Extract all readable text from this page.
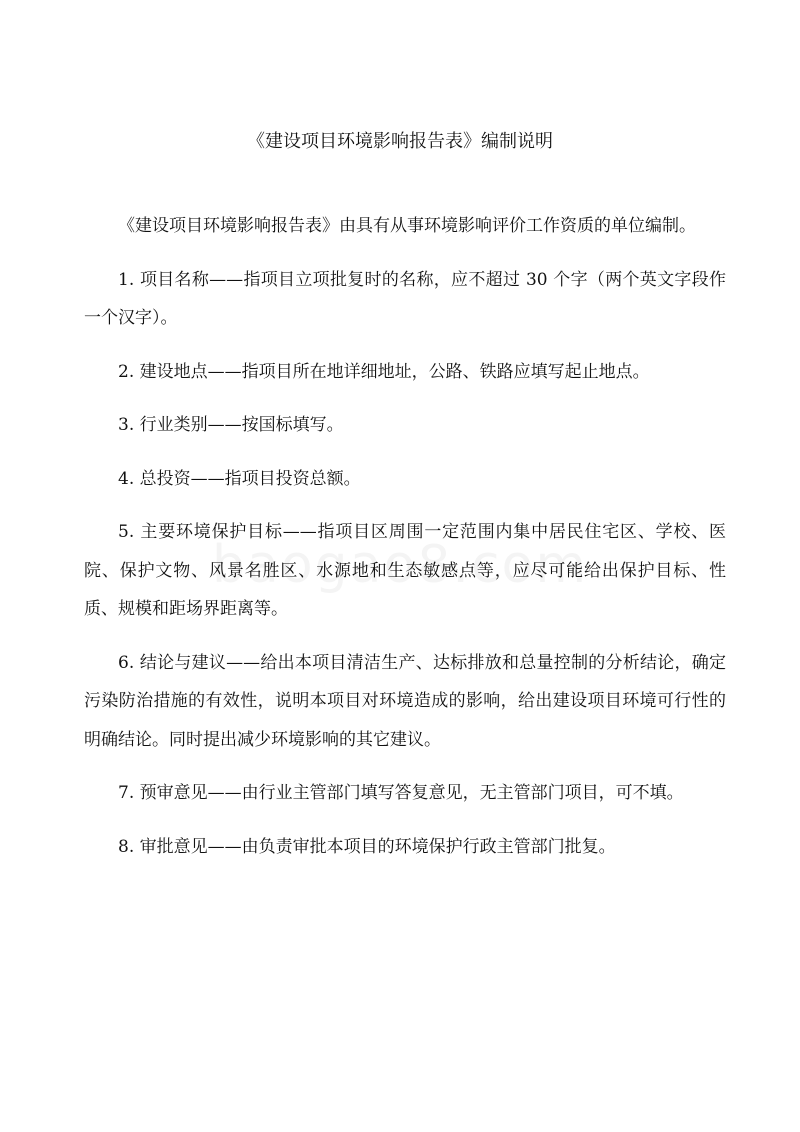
《建设项目环境影响报告表》编制说明

《建设项目环境影响报告表》由具有从事环境影响评价工作资质的单位编制。

1. 项目名称——指项目立项批复时的名称，应不超过 30 个字（两个英文字段作一个汉字）。

2. 建设地点——指项目所在地详细地址，公路、铁路应填写起止地点。

3. 行业类别——按国标填写。

4. 总投资——指项目投资总额。

5. 主要环境保护目标——指项目区周围一定范围内集中居民住宅区、学校、医院、保护文物、风景名胜区、水源地和生态敏感点等，应尽可能给出保护目标、性质、规模和距场界距离等。

6. 结论与建议——给出本项目清洁生产、达标排放和总量控制的分析结论，确定污染防治措施的有效性，说明本项目对环境造成的影响，给出建设项目环境可行性的明确结论。同时提出减少环境影响的其它建议。

7. 预审意见——由行业主管部门填写答复意见，无主管部门项目，可不填。

8. 审批意见——由负责审批本项目的环境保护行政主管部门批复。
